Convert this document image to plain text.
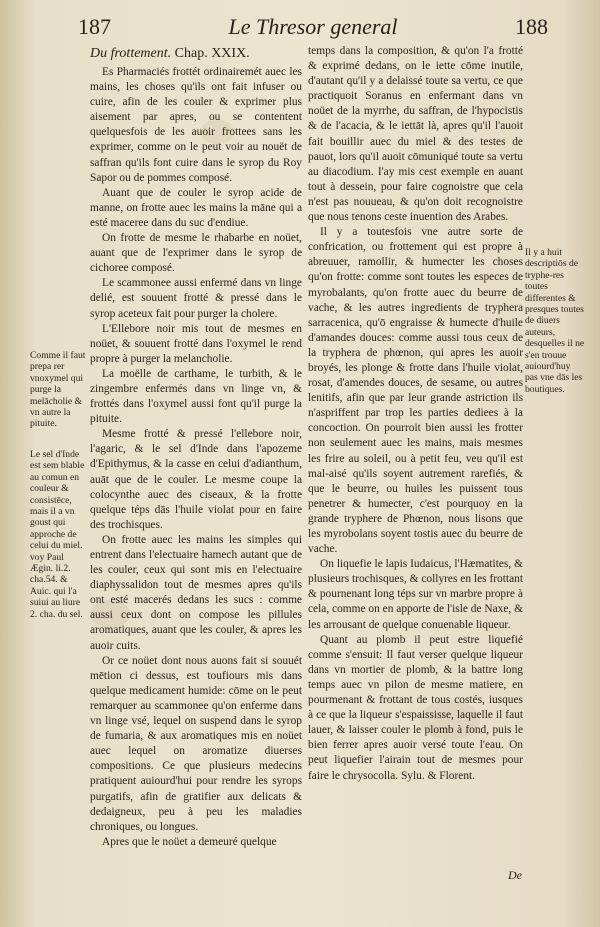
187	Le Thresor general	188
Du frottement. Chap. XXIX.

Es Pharmaciés frottét ordinairemét auec les mains, les choses qu'ils ont fait infuser ou cuire, afin de les couler & exprimer plus aisement par apres, ou se contentent quelquesfois de les auoir frottees sans les exprimer, comme on le peut voir au nouët de saffran qu'ils font cuire dans le syrop du Roy Sapor ou de pommes composé.

Auant que de couler le syrop acide de manne, on frotte auec les mains la māne qui a esté maceree dans du suc d'endiue.

On frotte de mesme le rhabarbe en noüet, auant que de l'exprimer dans le syrop de cichoree composé.

Le scammonee aussi enfermé dans vn linge delié, est souuent frotté & pressé dans le syrop aceteux fait pour purger la cholere.

L'Ellebore noir mis tout de mesmes en noüet, & souuent frotté dans l'oxymel le rend propre à purger la melancholie.

La moëlle de carthame, le turbith, & le zingembre enfermés dans vn linge vn, & frottés dans l'oxymel aussi font qu'il purge la pituite.

Mesme frotté & pressé l'ellebore noir, l'agaric, & le sel d'Inde dans l'apozeme d'Epithymus, & la casse en celui d'adianthum, auāt que de le couler. Le mesme coupe la colocynthe auec des ciseaux, & la frotte quelque téps dās l'huile violat pour en faire des trochisques.

On frotte auec les mains les simples qui entrent dans l'electuaire hamech autant que de les couler, ceux qui sont mis en l'electuaire diaphyssalidon tout de mesmes apres qu'ils ont esté macerés dedans les sucs : comme aussi ceux dont on compose les pillules aromatiques, auant que les couler, & apres les auoir cuits.

Or ce noüet dont nous auons fait si souuét mētion ci dessus, est toufiours mis dans quelque medicament humide: cōme on le peut remarquer au scammonee qu'on enferme dans vn linge vsé, lequel on suspend dans le syrop de fumaria, & aux aromatiques mis en noüet auec lequel on aromatize diuerses compositions. Ce que plusieurs medecins pratiquent auiourd'hui pour rendre les syrops purgatifs, afin de gratifier aux delicats & dedaigneux, peu à peu les maladies chroniques, ou longues.

Apres que le noüet a demeuré quelque

temps dans la composition, & qu'on l'a frotté & exprimé dedans, on le iette cōme inutile, d'autant qu'il y a delaissé toute sa vertu, ce que practiquoit Soranus en enfermant dans vn noüet de la myrrhe, du saffran, de l'hypocistis & de l'acacia, & le iettāt là, apres qu'il l'auoit fait bouillir auec du miel & des testes de pauot, lors qu'il auoit cōmuniqué toute sa vertu au diacodium. I'ay mis cest exemple en auant tout à dessein, pour faire cognoistre que cela n'est pas nouueau, & qu'on doit recognoistre que nous tenons ceste inuention des Arabes.

Il y a toutesfois vne autre sorte de confrication, ou frottement qui est propre à abreuuer, ramollir, & humecter les choses qu'on frotte: comme sont toutes les especes de myrobalants, qu'on frotte auec du beurre de vache, & les autres ingredients de tryphera sarracenica, qu'ō engraisse & humecte d'huile d'amandes douces: comme aussi tous ceux de la tryphera de phœnon, qui apres les auoir broyés, les plonge & frotte dans l'huile violat, rosat, d'amendes douces, de sesame, ou autres lenitifs, afin que par leur grande astriction ils n'aspriffent par trop les parties dediees à la concoction. On pourroit bien aussi les frotter non seulement auec les mains, mais mesmes les frire au soleil, ou à petit feu, veu qu'il est mal-aisé qu'ils soyent autrement rarefiés, & que le beurre, ou huiles les puissent tous penetrer & humecter, c'est pourquoy en la grande tryphere de Phœnon, nous lisons que les myrobolans soyent tostis auec du beurre de vache.

On liquefie le lapis Iudaicus, l'Hæmatites, & plusieurs trochisques, & collyres en les frottant & pournenant long téps sur vn marbre propre à cela, comme on en apporte de l'isle de Naxe, & les arrousant de quelque conuenable liqueur.

Quant au plomb il peut estre liquefié comme s'ensuit: Il faut verser quelque liqueur dans vn mortier de plomb, & la battre long temps auec vn pilon de mesme matiere, en pourmenant & frottant de tous costés, iusques à ce que la liqueur s'espaississe, laquelle il faut lauer, & laisser couler le plomb à fond, puis le bien ferrer apres auoir versé toute l'eau. On peut liquefier l'airain tout de mesmes pour faire le chrysocolla. Sylu. & Florent.

Comme il faut prepa rer vnoxymel qui purge la melācholie & vn autre la pituite.
Le sel d'Inde est sem blable au comun en couleur & consistēce, mais il a vn goust qui approche de celui du miel. voy Paul Ægin. li.2. cha.54. & Auic. qui l'a suiui au liure 2. cha. du sel.
Il y a huit descriptiōs de tryphe-res toutes differentes & presques toutes de diuers auteurs, desquelles il ne s'en trouue auiourd'huy pas vne dās les boutiques.
De
